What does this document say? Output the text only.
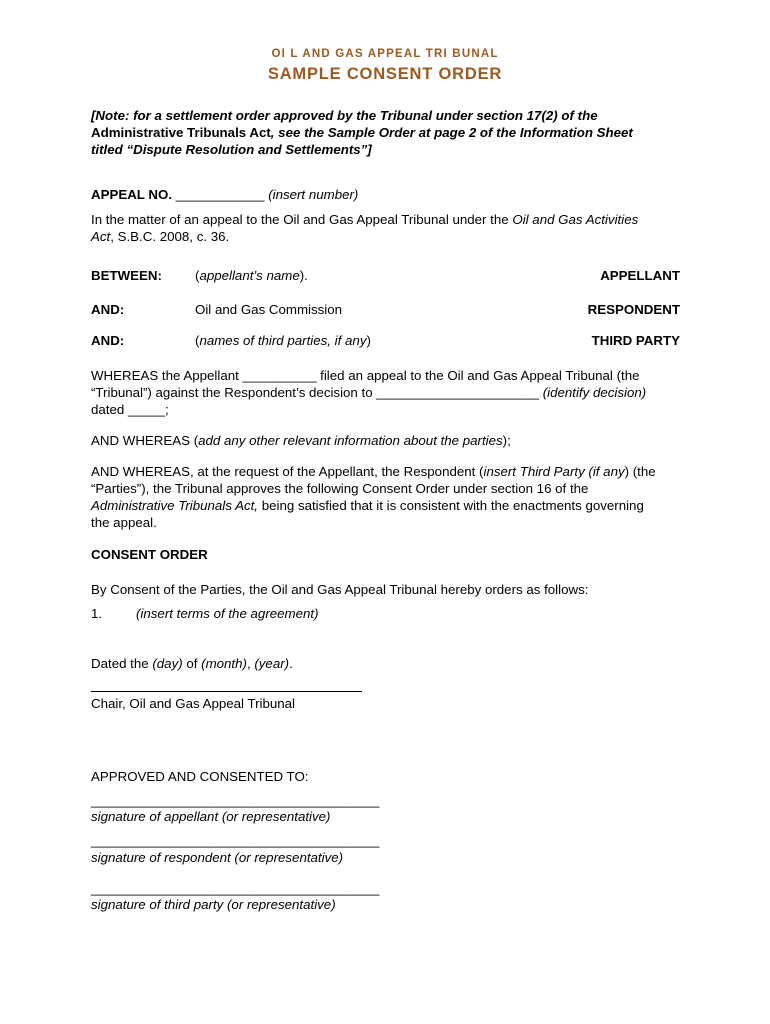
OI L AND GAS APPEAL TRI BUNAL
SAMPLE CONSENT ORDER
[Note: for a settlement order approved by the Tribunal under section 17(2) of the
Administrative Tribunals Act, see the Sample Order at page 2 of the Information Sheet
titled “Dispute Resolution and Settlements”]
APPEAL NO. ____________ (insert number)
In the matter of an appeal to the Oil and Gas Appeal Tribunal under the Oil and Gas Activities
Act, S.B.C. 2008, c. 36.
BETWEEN: (appellant’s name).	APPELLANT
AND:	Oil and Gas Commission	RESPONDENT
AND:	(names of third parties, if any)	THIRD PARTY
WHEREAS the Appellant __________ filed an appeal to the Oil and Gas Appeal Tribunal (the
“Tribunal”) against the Respondent’s decision to ______________________ (identify decision)
dated _____;
AND WHEREAS (add any other relevant information about the parties);
AND WHEREAS, at the request of the Appellant, the Respondent (insert Third Party (if any) (the
“Parties”), the Tribunal approves the following Consent Order under section 16 of the
Administrative Tribunals Act, being satisfied that it is consistent with the enactments governing
the appeal.
CONSENT ORDER
By Consent of the Parties, the Oil and Gas Appeal Tribunal hereby orders as follows:
1.	(insert terms of the agreement)
Dated the (day) of (month), (year).
Chair, Oil and Gas Appeal Tribunal
APPROVED AND CONSENTED TO:
_______________________________________
signature of appellant (or representative)
_______________________________________
signature of respondent (or representative)
_______________________________________
signature of third party (or representative)
